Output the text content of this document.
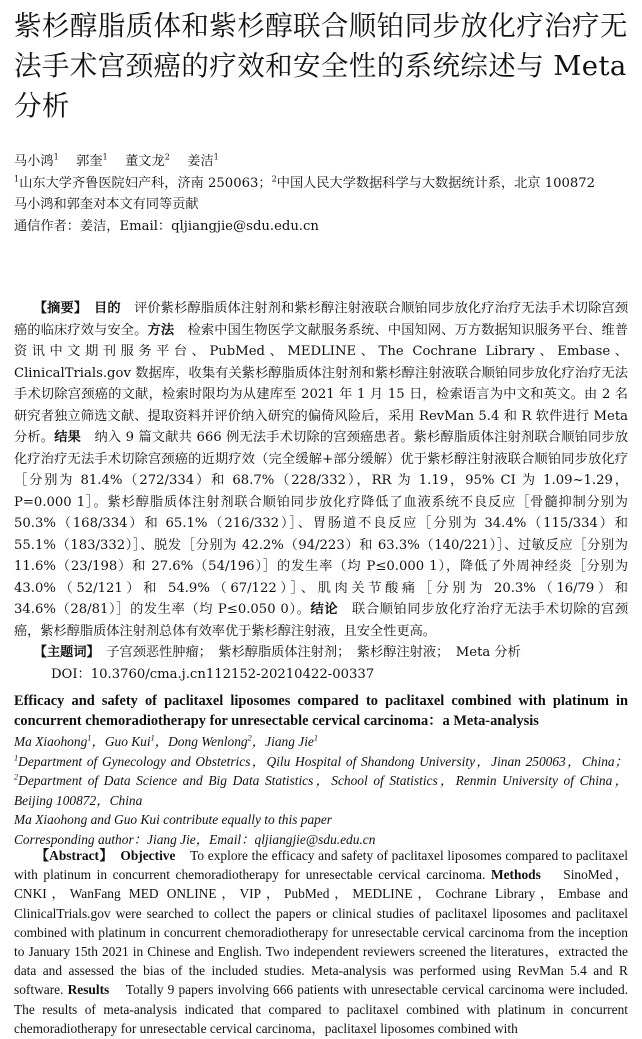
紫杉醇脂质体和紫杉醇联合顺铂同步放化疗治疗无法手术宫颈癌的疗效和安全性的系统综述与 Meta 分析

马小鸿$^1$　 郭奎$^1$　 董文龙$^2$　 姜洁$^1$

$^1$山东大学齐鲁医院妇产科，济南 250063；$^2$中国人民大学数据科学与大数据统计系，北京 100872

马小鸿和郭奎对本文有同等贡献

通信作者：姜洁，Email：qljiangjie@sdu.edu.cn

【摘要】　 目的　 评价紫杉醇脂质体注射剂和紫杉醇注射液联合顺铂同步放化疗治疗无法手术切除宫颈癌的临床疗效与安全。方法　 检索中国生物医学文献服务系统、中国知网、万方数据知识服务平台、维普资讯中文期刊服务平台、PubMed、MEDLINE、The Cochrane Library、Embase、ClinicalTrials.gov 数据库，收集有关紫杉醇脂质体注射剂和紫杉醇注射液联合顺铂同步放化疗治疗无法手术切除宫颈癌的文献，检索时限均为从建库至 2021 年 1 月 15 日，检索语言为中文和英文。由 2 名研究者独立筛选文献、提取资料并评价纳入研究的偏倚风险后，采用 RevMan 5.4 和 R 软件进行 Meta 分析。结果　 纳入 9 篇文献共 666 例无法手术切除的宫颈癌患者。紫杉醇脂质体注射剂联合顺铂同步放化疗治疗无法手术切除宫颈癌的近期疗效（完全缓解+部分缓解）优于紫杉醇注射液联合顺铂同步放化疗［分别为 81.4%（272/334）和 68.7%（228/332），RR 为 1.19，95% CI 为 1.09~1.29，P=0.000 1］。紫杉醇脂质体注射剂联合顺铂同步放化疗降低了血液系统不良反应［骨髓抑制分别为 50.3%（168/334）和 65.1%（216/332）］、胃肠道不良反应［分别为 34.4%（115/334）和 55.1%（183/332）］、脱发［分别为 42.2%（94/223）和 63.3%（140/221）］、过敏反应［分别为 11.6%（23/198）和 27.6%（54/196）］的发生率（均 P≤0.000 1），降低了外周神经炎［分别为 43.0%（52/121）和 54.9%（67/122）］、肌肉关节酸痛［分别为 20.3%（16/79）和 34.6%（28/81）］的发生率（均 P≤0.050 0）。结论　 联合顺铂同步放化疗治疗无法手术切除的宫颈癌，紫杉醇脂质体注射剂总体有效率优于紫杉醇注射液，且安全性更高。

【主题词】　 子宫颈恶性肿瘤；　紫杉醇脂质体注射剂；　紫杉醇注射液；　Meta 分析

DOI：10.3760/cma.j.cn112152-20210422-00337

Efficacy and safety of paclitaxel liposomes compared to paclitaxel combined with platinum in concurrent chemoradiotherapy for unresectable cervical carcinoma：a Meta-analysis

Ma Xiaohong$^1$，Guo Kui$^1$，Dong Wenlong$^2$，Jiang Jie$^1$

$^1$Department of Gynecology and Obstetrics，Qilu Hospital of Shandong University，Jinan 250063，China；$^2$Department of Data Science and Big Data Statistics，School of Statistics，Renmin University of China，Beijing 100872，China

Ma Xiaohong and Guo Kui contribute equally to this paper

Corresponding author：Jiang Jie，Email：qljiangjie@sdu.edu.cn

【Abstract】 Objective To explore the efficacy and safety of paclitaxel liposomes compared to paclitaxel with platinum in concurrent chemoradiotherapy for unresectable cervical carcinoma. Methods SinoMed，CNKI，WanFang MED ONLINE，VIP，PubMed，MEDLINE，Cochrane Library，Embase and ClinicalTrials.gov were searched to collect the papers or clinical studies of paclitaxel liposomes and paclitaxel combined with platinum in concurrent chemoradiotherapy for unresectable cervical carcinoma from the inception to January 15th 2021 in Chinese and English. Two independent reviewers screened the literatures，extracted the data and assessed the bias of the included studies. Meta-analysis was performed using RevMan 5.4 and R software. Results Totally 9 papers involving 666 patients with unresectable cervical carcinoma were included. The results of meta-analysis indicated that compared to paclitaxel combined with platinum in concurrent chemoradiotherapy for unresectable cervical carcinoma，paclitaxel liposomes combined with
